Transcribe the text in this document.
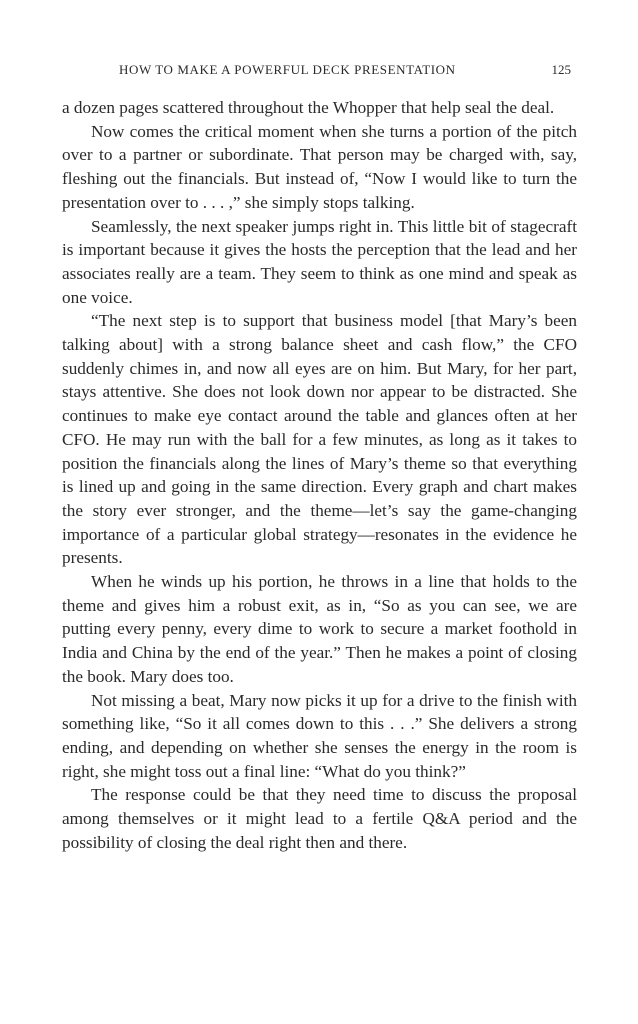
HOW TO MAKE A POWERFUL DECK PRESENTATION	125

a dozen pages scattered throughout the Whopper that help seal the deal.

Now comes the critical moment when she turns a portion of the pitch over to a partner or subordinate. That person may be charged with, say, fleshing out the financials. But instead of, “Now I would like to turn the presentation over to . . . ,” she simply stops talking.

Seamlessly, the next speaker jumps right in. This little bit of stagecraft is important because it gives the hosts the perception that the lead and her associates really are a team. They seem to think as one mind and speak as one voice.

“The next step is to support that business model [that Mary’s been talking about] with a strong balance sheet and cash flow,” the CFO suddenly chimes in, and now all eyes are on him. But Mary, for her part, stays attentive. She does not look down nor appear to be distracted. She continues to make eye contact around the table and glances often at her CFO. He may run with the ball for a few minutes, as long as it takes to position the financials along the lines of Mary’s theme so that everything is lined up and going in the same direction. Every graph and chart makes the story ever stronger, and the theme—let’s say the game-changing importance of a particular global strategy—resonates in the evidence he presents.

When he winds up his portion, he throws in a line that holds to the theme and gives him a robust exit, as in, “So as you can see, we are putting every penny, every dime to work to secure a market foothold in India and China by the end of the year.” Then he makes a point of closing the book. Mary does too.

Not missing a beat, Mary now picks it up for a drive to the finish with something like, “So it all comes down to this . . .” She delivers a strong ending, and depending on whether she senses the energy in the room is right, she might toss out a final line: “What do you think?”

The response could be that they need time to discuss the proposal among themselves or it might lead to a fertile Q&A period and the possibility of closing the deal right then and there.
